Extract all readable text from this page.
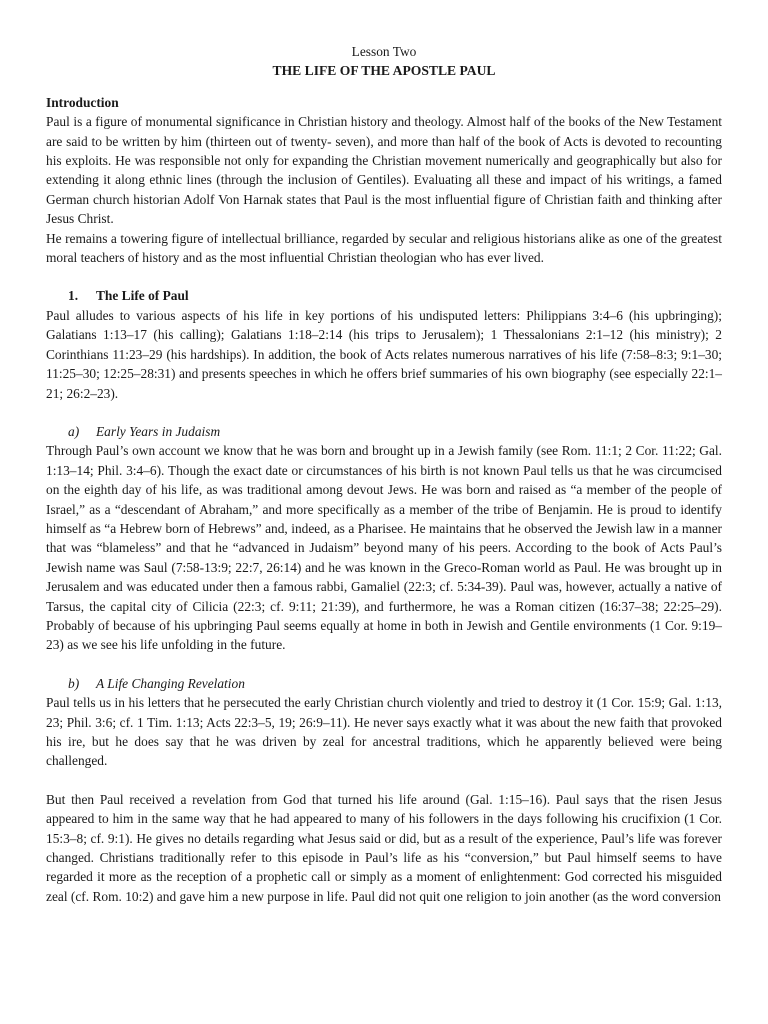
Lesson Two
THE LIFE OF THE APOSTLE PAUL
Introduction

Paul is a figure of monumental significance in Christian history and theology. Almost half of the books of the New Testament are said to be written by him (thirteen out of twenty- seven), and more than half of the book of Acts is devoted to recounting his exploits. He was responsible not only for expanding the Christian movement numerically and geographically but also for extending it along ethnic lines (through the inclusion of Gentiles). Evaluating all these and impact of his writings, a famed German church historian Adolf Von Harnak states that Paul is the most influential figure of Christian faith and thinking after Jesus Christ.

He remains a towering figure of intellectual brilliance, regarded by secular and religious historians alike as one of the greatest moral teachers of history and as the most influential Christian theologian who has ever lived.

1.	The Life of Paul

Paul alludes to various aspects of his life in key portions of his undisputed letters: Philippians 3:4–6 (his upbringing); Galatians 1:13–17 (his calling); Galatians 1:18–2:14 (his trips to Jerusalem); 1 Thessalonians 2:1–12 (his ministry); 2 Corinthians 11:23–29 (his hardships). In addition, the book of Acts relates numerous narratives of his life (7:58–8:3; 9:1–30; 11:25–30; 12:25–28:31) and presents speeches in which he offers brief summaries of his own biography (see especially 22:1–21; 26:2–23).

a)	Early Years in Judaism

Through Paul’s own account we know that he was born and brought up in a Jewish family (see Rom. 11:1; 2 Cor. 11:22; Gal. 1:13–14; Phil. 3:4–6). Though the exact date or circumstances of his birth is not known Paul tells us that he was circumcised on the eighth day of his life, as was traditional among devout Jews. He was born and raised as “a member of the people of Israel,” as a “descendant of Abraham,” and more specifically as a member of the tribe of Benjamin. He is proud to identify himself as “a Hebrew born of Hebrews” and, indeed, as a Pharisee. He maintains that he observed the Jewish law in a manner that was “blameless” and that he “advanced in Judaism” beyond many of his peers. According to the book of Acts Paul’s Jewish name was Saul (7:58-13:9; 22:7, 26:14) and he was known in the Greco-Roman world as Paul. He was brought up in Jerusalem and was educated under then a famous rabbi, Gamaliel (22:3; cf. 5:34-39). Paul was, however, actually a native of Tarsus, the capital city of Cilicia (22:3; cf. 9:11; 21:39), and furthermore, he was a Roman citizen (16:37–38; 22:25–29). Probably of because of his upbringing Paul seems equally at home in both in Jewish and Gentile environments (1 Cor. 9:19–23) as we see his life unfolding in the future.

b)	A Life Changing Revelation

Paul tells us in his letters that he persecuted the early Christian church violently and tried to destroy it (1 Cor. 15:9; Gal. 1:13, 23; Phil. 3:6; cf. 1 Tim. 1:13; Acts 22:3–5, 19; 26:9–11). He never says exactly what it was about the new faith that provoked his ire, but he does say that he was driven by zeal for ancestral traditions, which he apparently believed were being challenged.

But then Paul received a revelation from God that turned his life around (Gal. 1:15–16). Paul says that the risen Jesus appeared to him in the same way that he had appeared to many of his followers in the days following his crucifixion (1 Cor. 15:3–8; cf. 9:1). He gives no details regarding what Jesus said or did, but as a result of the experience, Paul’s life was forever changed. Christians traditionally refer to this episode in Paul’s life as his “conversion,” but Paul himself seems to have regarded it more as the reception of a prophetic call or simply as a moment of enlightenment: God corrected his misguided zeal (cf. Rom. 10:2) and gave him a new purpose in life. Paul did not quit one religion to join another (as the word conversion
